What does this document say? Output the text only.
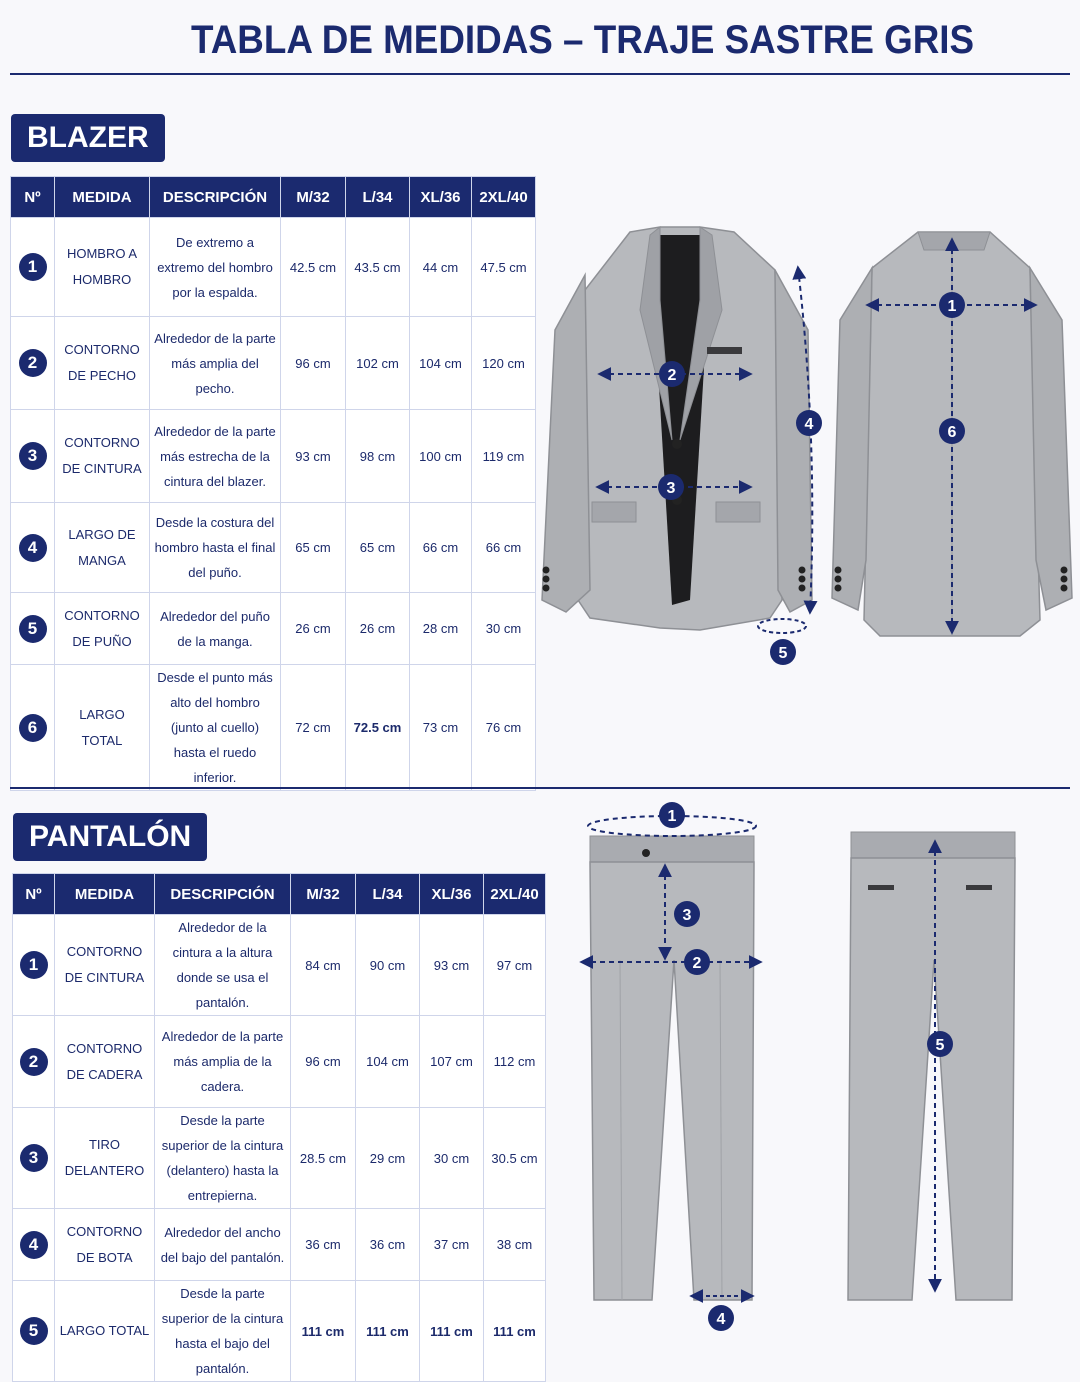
TABLA DE MEDIDAS – TRAJE SASTRE GRIS
BLAZER
Nº	MEDIDA	DESCRIPCIÓN	M/32	L/34	XL/36	2XL/40
1	HOMBRO A HOMBRO	De extremo a extremo del hombro por la espalda.	42.5 cm	43.5 cm	44 cm	47.5 cm
2	CONTORNO DE PECHO	Alrededor de la parte más amplia del pecho.	96 cm	102 cm	104 cm	120 cm
3	CONTORNO DE CINTURA	Alrededor de la parte más estrecha de la cintura del blazer.	93 cm	98 cm	100 cm	119 cm
4	LARGO DE MANGA	Desde la costura del hombro hasta el final del puño.	65 cm	65 cm	66 cm	66 cm
5	CONTORNO DE PUÑO	Alrededor del puño de la manga.	26 cm	26 cm	28 cm	30 cm
6	LARGO TOTAL	Desde el punto más alto del hombro (junto al cuello) hasta el ruedo inferior.	72 cm	72.5 cm	73 cm	76 cm
PANTALÓN
Nº	MEDIDA	DESCRIPCIÓN	M/32	L/34	XL/36	2XL/40
1	CONTORNO DE CINTURA	Alrededor de la cintura a la altura donde se usa el pantalón.	84 cm	90 cm	93 cm	97 cm
2	CONTORNO DE CADERA	Alrededor de la parte más amplia de la cadera.	96 cm	104 cm	107 cm	112 cm
3	TIRO DELANTERO	Desde la parte superior de la cintura (delantero) hasta la entrepierna.	28.5 cm	29 cm	30 cm	30.5 cm
4	CONTORNO DE BOTA	Alrededor del ancho del bajo del pantalón.	36 cm	36 cm	37 cm	38 cm
5	LARGO TOTAL	Desde la parte superior de la cintura hasta el bajo del pantalón.	111 cm	111 cm	111 cm	111 cm
2
3
4
5
1
6
1
3
2
4
5
